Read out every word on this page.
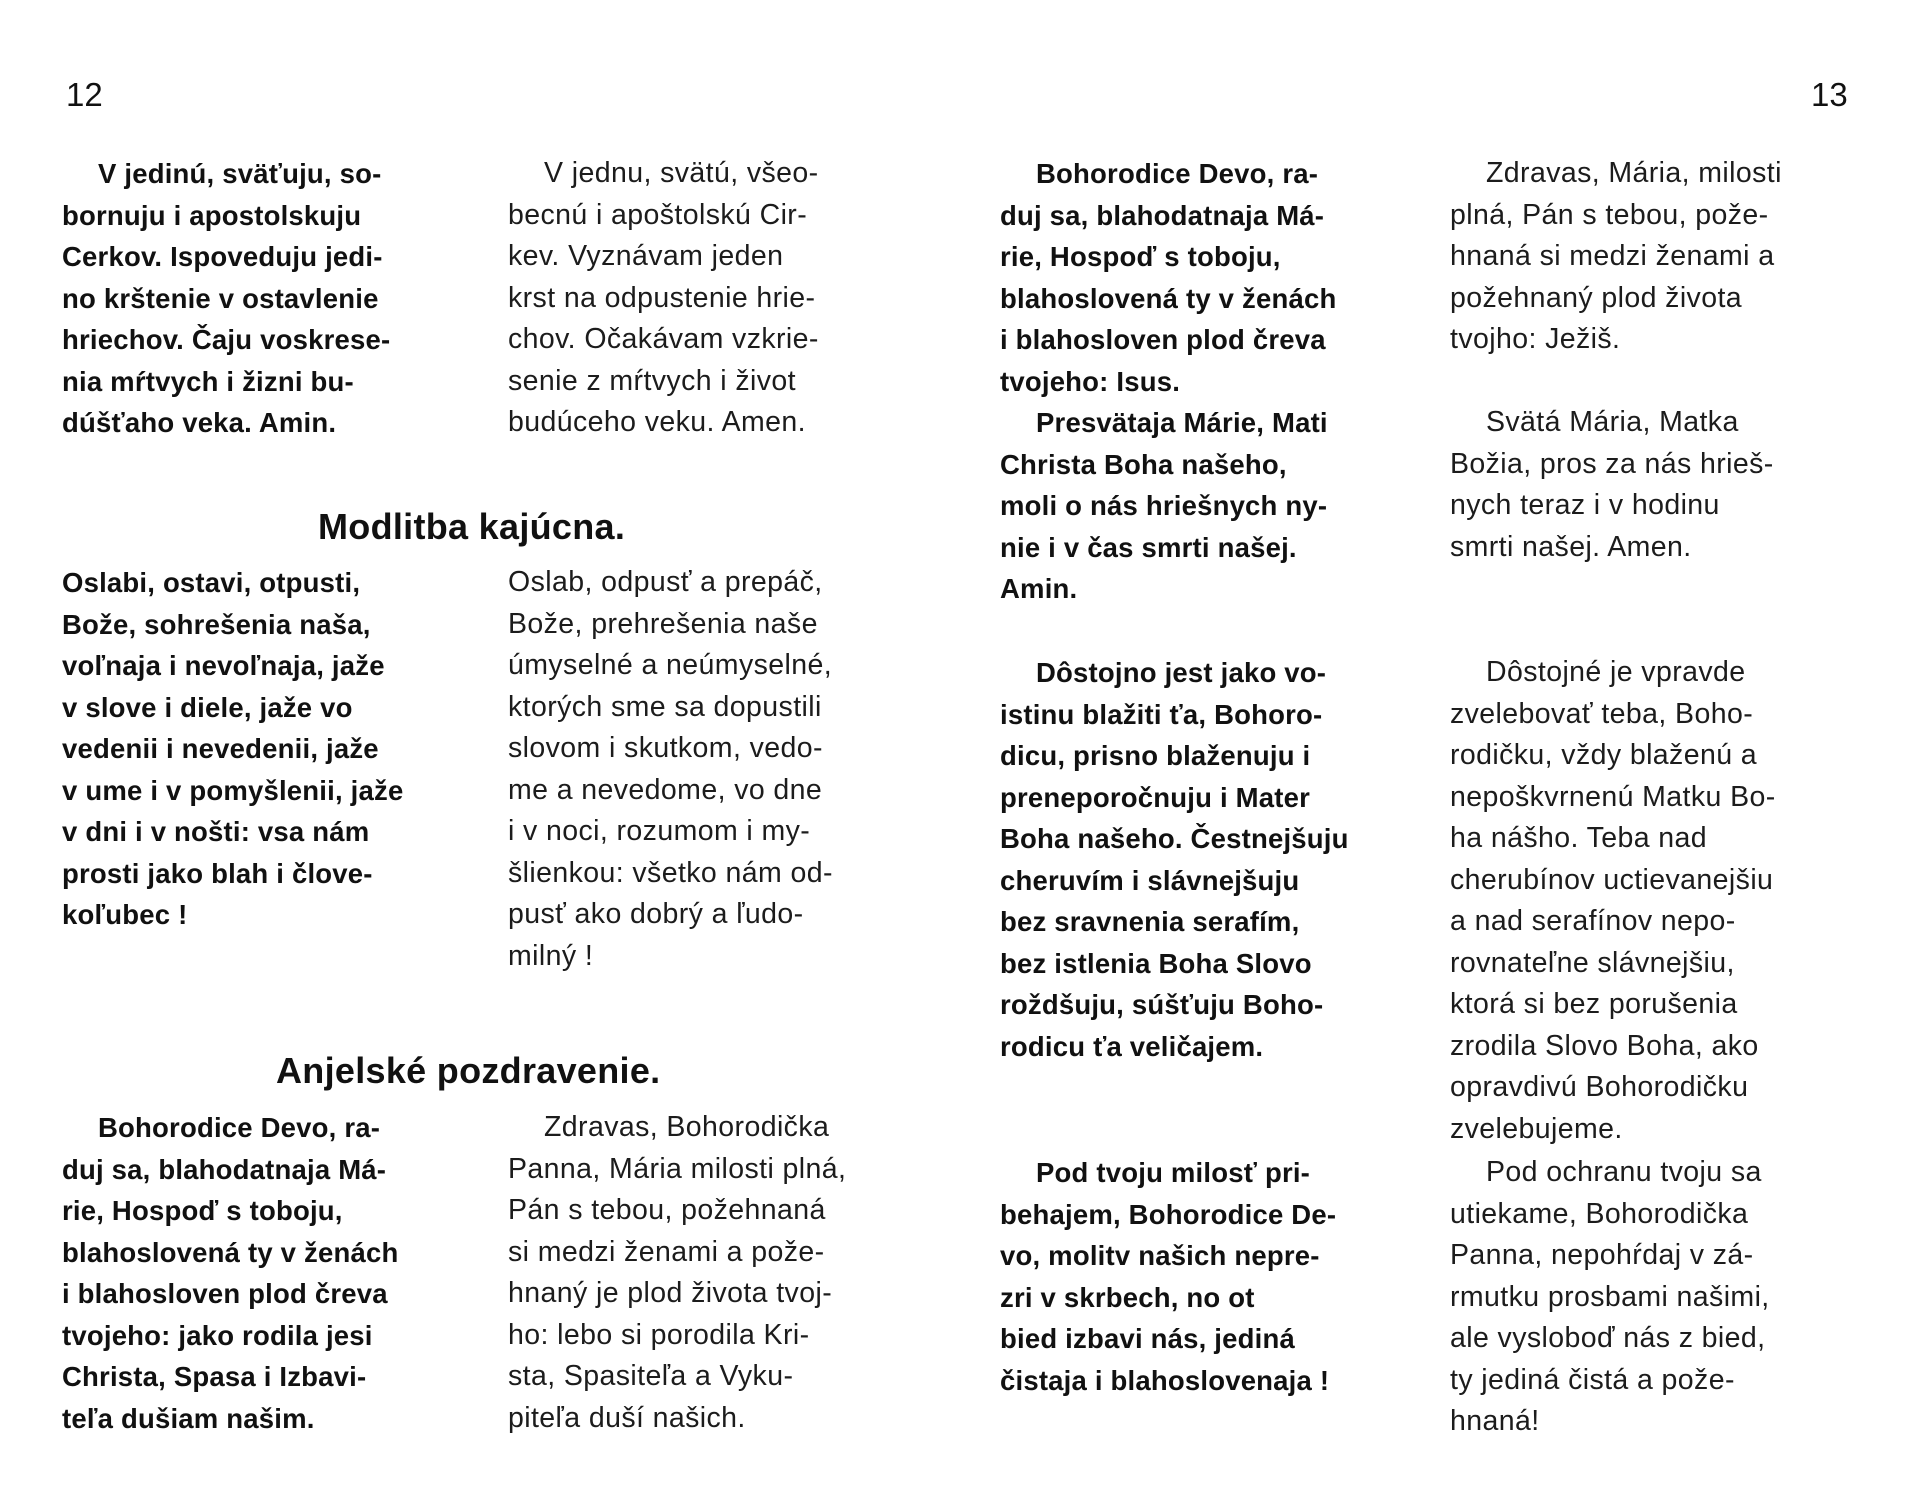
12

V jedinú, sväťuju, so-
bornuju i apostolskuju
Cerkov. Ispoveduju jedi-
no krštenie v ostavlenie
hriechov. Čaju voskrese-
nia mŕtvych i žizni bu-
dúšťaho veka. Amin.

V jednu, svätú, všeo-
becnú i apoštolskú Cir-
kev. Vyznávam jeden
krst na odpustenie hrie-
chov. Očakávam vzkrie-
senie z mŕtvych i život
budúceho veku. Amen.

Modlitba kajúcna.

Oslabi, ostavi, otpusti,
Bože, sohrešenia naša,
voľnaja i nevoľnaja, jaže
v slove i diele, jaže vo
vedenii i nevedenii, jaže
v ume i v pomyšlenii, jaže
v dni i v nošti: vsa nám
prosti jako blah i člove-
koľubec !

Oslab, odpusť a prepáč,
Bože, prehrešenia naše
úmyselné a neúmyselné,
ktorých sme sa dopustili
slovom i skutkom, vedo-
me a nevedome, vo dne
i v noci, rozumom i my-
šlienkou: všetko nám od-
pusť ako dobrý a ľudo-
milný !

Anjelské pozdravenie.

Bohorodice Devo, ra-
duj sa, blahodatnaja Má-
rie, Hospoď s toboju,
blahoslovená ty v ženách
i blahosloven plod čreva
tvojeho: jako rodila jesi
Christa, Spasa i Izbavi-
teľa dušiam našim.

Zdravas, Bohorodička
Panna, Mária milosti plná,
Pán s tebou, požehnaná
si medzi ženami a pože-
hnaný je plod života tvoj-
ho: lebo si porodila Kri-
sta, Spasiteľa a Vyku-
piteľa duší našich.

13

Bohorodice Devo, ra-
duj sa, blahodatnaja Má-
rie, Hospoď s toboju,
blahoslovená ty v ženách
i blahosloven plod čreva
tvojeho: Isus.

Zdravas, Mária, milosti
plná, Pán s tebou, pože-
hnaná si medzi ženami a
požehnaný plod života
tvojho: Ježiš.

Presvätaja Márie, Mati
Christa Boha našeho,
moli o nás hriešnych ny-
nie i v čas smrti našej.
Amin.

Svätá Mária, Matka
Božia, pros za nás hrieš-
nych teraz i v hodinu
smrti našej. Amen.

Dôstojno jest jako vo-
istinu blažiti ťa, Bohoro-
dicu, prisno blaženuju i
preneporočnuju i Mater
Boha našeho. Čestnejšuju
cheruvím i slávnejšuju
bez sravnenia serafím,
bez istlenia Boha Slovo
roždšuju, súšťuju Boho-
rodicu ťa veličajem.

Dôstojné je vpravde
zvelebovať teba, Boho-
rodičku, vždy blaženú a
nepoškvrnenú Matku Bo-
ha nášho. Teba nad
cherubínov uctievanejšiu
a nad serafínov nepo-
rovnateľne slávnejšiu,
ktorá si bez porušenia
zrodila Slovo Boha, ako
opravdivú Bohorodičku
zvelebujeme.

Pod tvoju milosť pri-
behajem, Bohorodice De-
vo, molitv našich nepre-
zri v skrbech, no ot
bied izbavi nás, jediná
čistaja i blahoslovenaja !

Pod ochranu tvoju sa
utiekame, Bohorodička
Panna, nepohŕdaj v zá-
rmutku prosbami našimi,
ale vysloboď nás z bied,
ty jediná čistá a pože-
hnaná!
